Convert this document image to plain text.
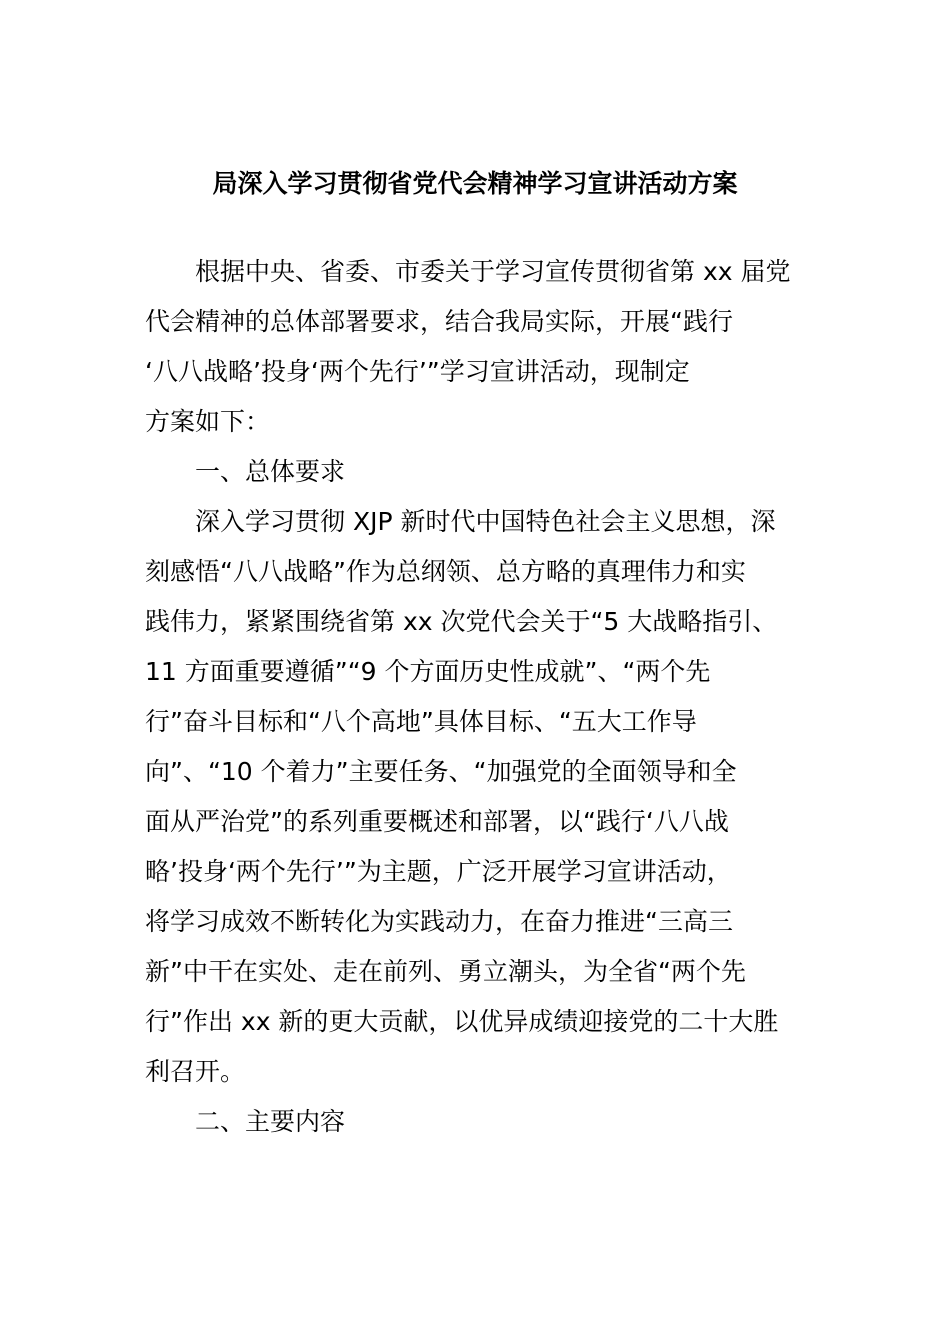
局深入学习贯彻省党代会精神学习宣讲活动方案
根据中央、省委、市委关于学习宣传贯彻省第 xx 届党
代会精神的总体部署要求，结合我局实际，开展“践行
‘八八战略’投身‘两个先行’”学习宣讲活动，现制定
方案如下：
一、总体要求
深入学习贯彻 XJP 新时代中国特色社会主义思想，深
刻感悟“八八战略”作为总纲领、总方略的真理伟力和实
践伟力，紧紧围绕省第 xx 次党代会关于“5 大战略指引、
11 方面重要遵循”“9 个方面历史性成就”、“两个先
行”奋斗目标和“八个高地”具体目标、“五大工作导
向”、“10 个着力”主要任务、“加强党的全面领导和全
面从严治党”的系列重要概述和部署，以“践行‘八八战
略’投身‘两个先行’”为主题，广泛开展学习宣讲活动，
将学习成效不断转化为实践动力，在奋力推进“三高三
新”中干在实处、走在前列、勇立潮头，为全省“两个先
行”作出 xx 新的更大贡献，以优异成绩迎接党的二十大胜
利召开。
二、主要内容
